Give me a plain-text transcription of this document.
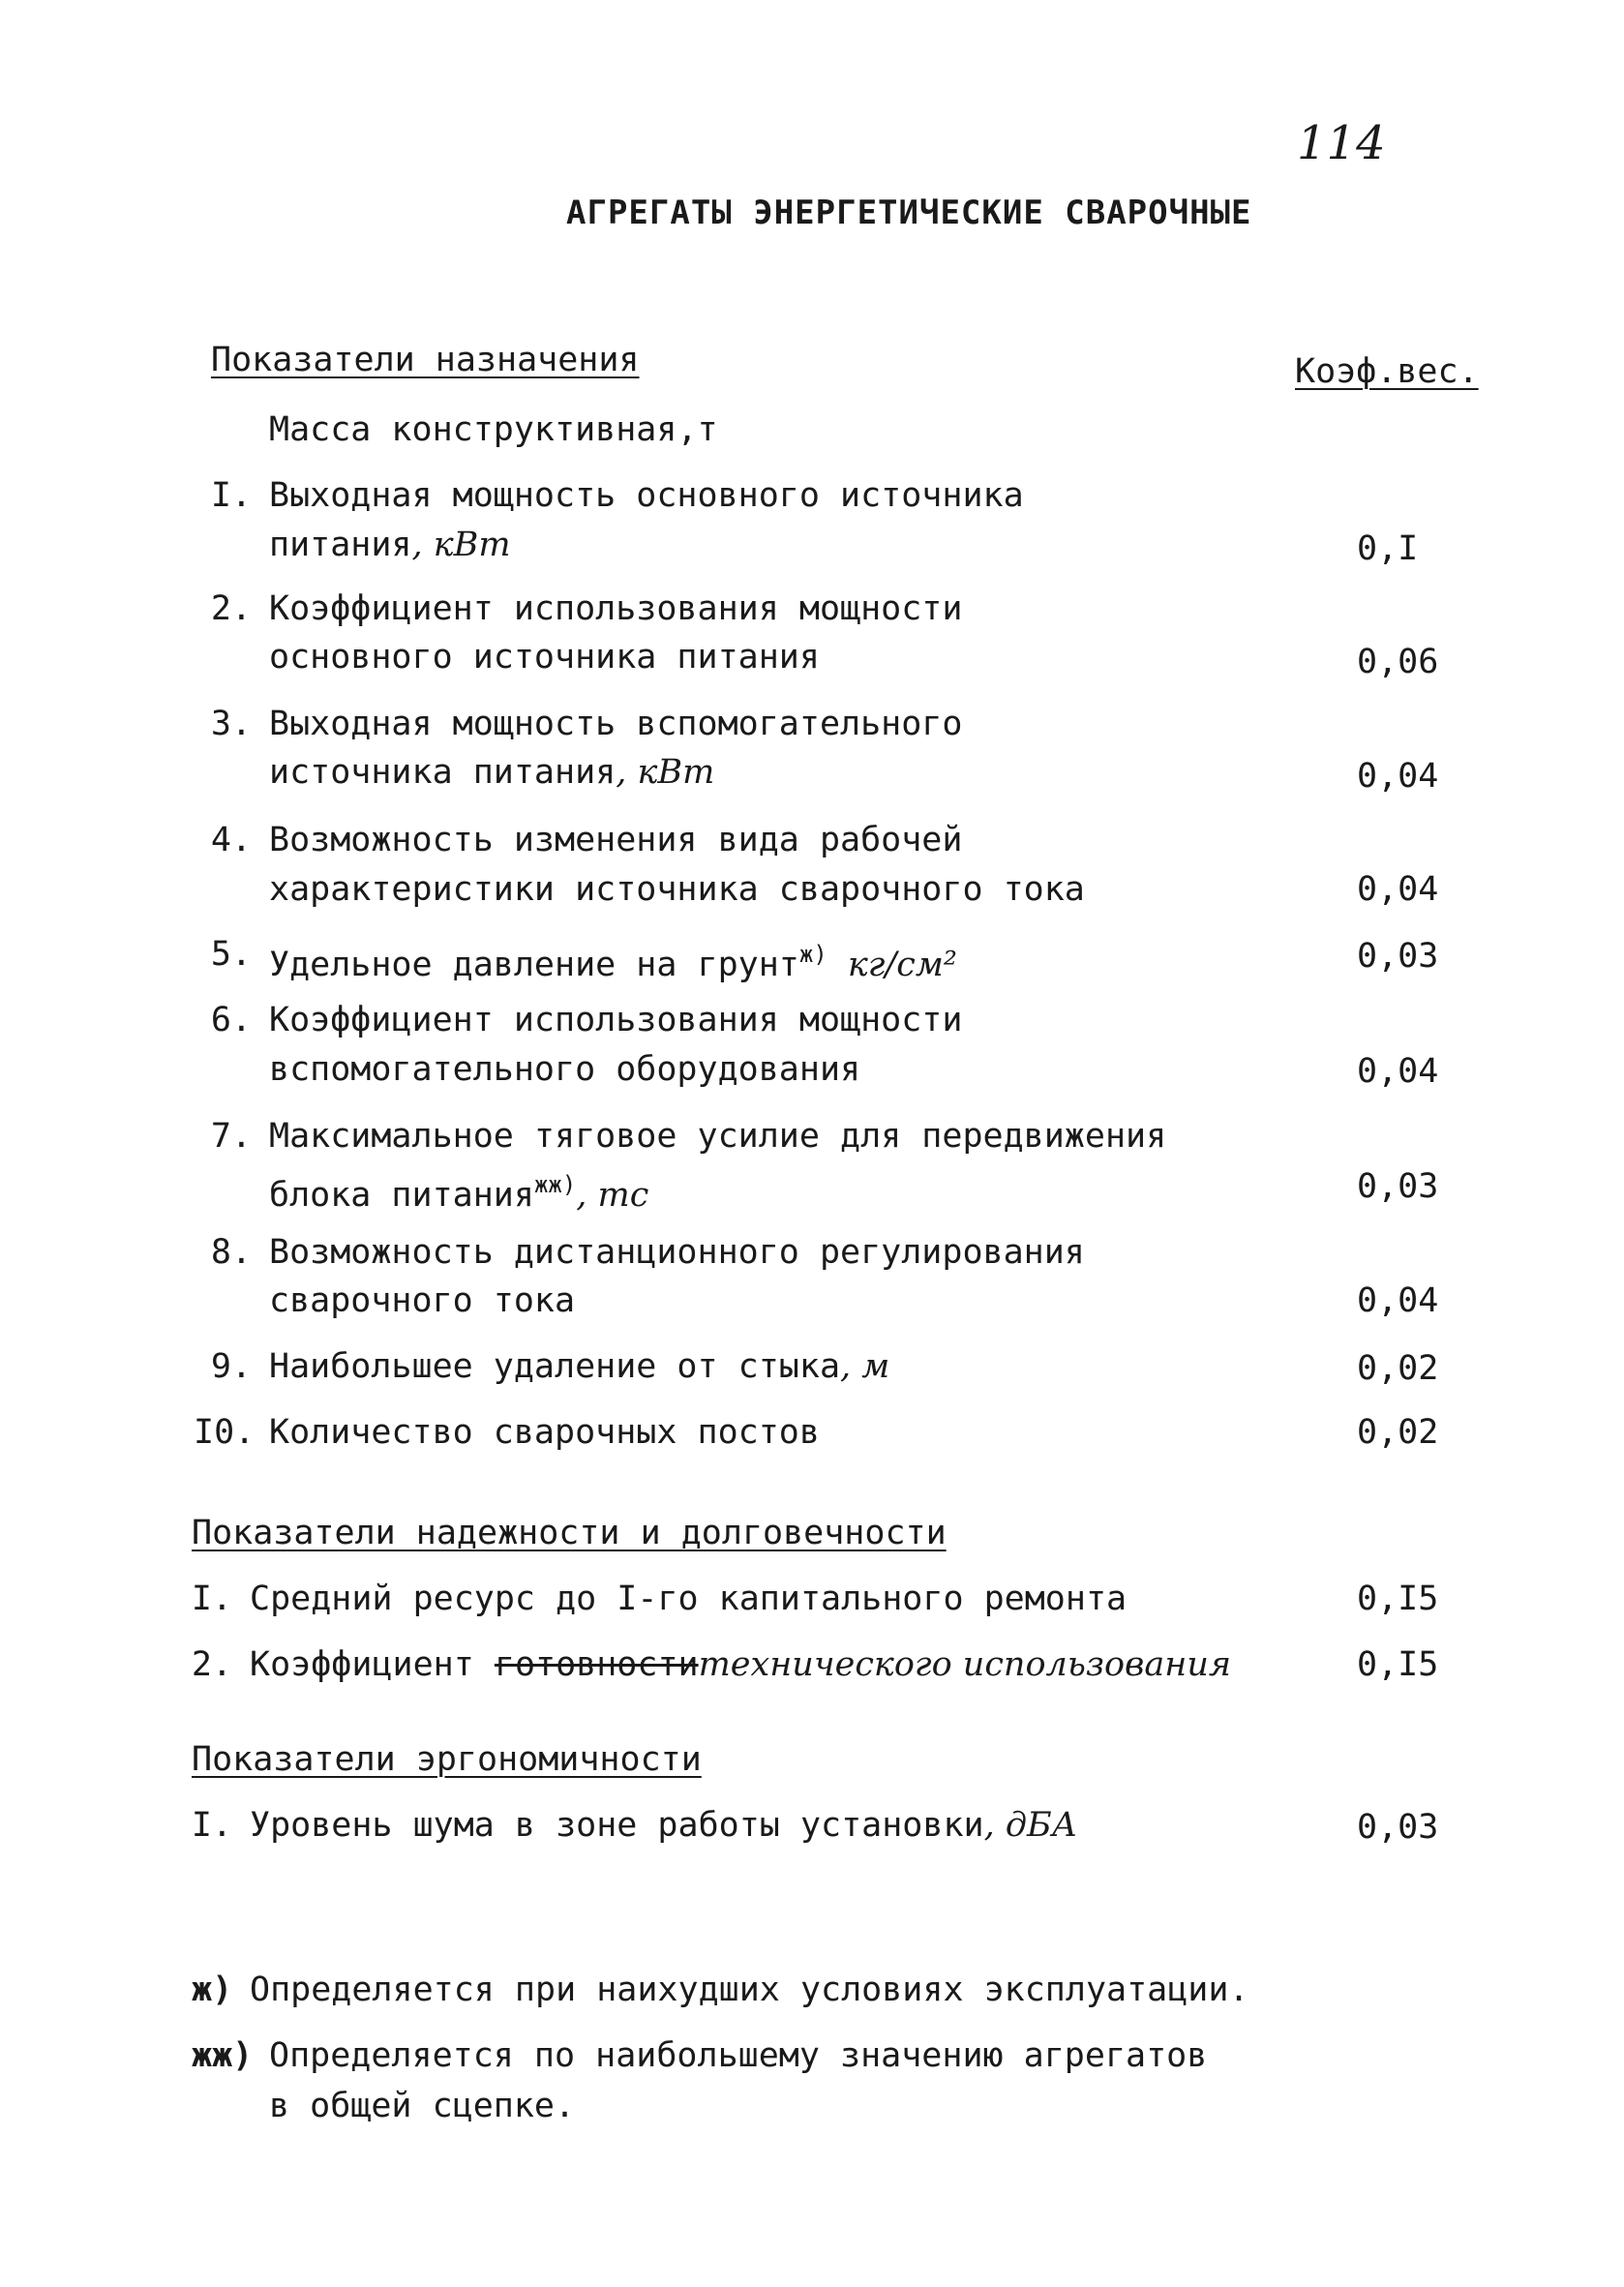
114
АГРЕГАТЫ ЭНЕРГЕТИЧЕСКИЕ СВАРОЧНЫЕ
Показатели назначения	Коэф.вес.
Масса конструктивная,т
I. Выходная мощность основного источника
питания, кВт	0,I
2. Коэффициент использования мощности
основного источника питания	0,06
3. Выходная мощность вспомогательного
источника питания, кВт	0,04
4. Возможность изменения вида рабочей
характеристики источника сварочного тока	0,04
5. Удельное давление на грунт$^{ж)}$ кг/см²	0,03
6. Коэффициент использования мощности
вспомогательного оборудования	0,04
7. Максимальное тяговое усилие для передвижения
блока питания$^{жж)}$, тс	0,03
8. Возможность дистанционного регулирования
сварочного тока	0,04
9. Наибольшее удаление от стыка, м	0,02
I0. Количество сварочных постов	0,02
Показатели надежности и долговечности
I. Средний ресурс до I-го капитального ремонта	0,I5
2. Коэффициент готовноститехнического использования	0,I5
Показатели эргономичности
I. Уровень шума в зоне работы установки, дБА	0,03
ж) Определяется при наихудших условиях эксплуатации.
жж) Определяется по наибольшему значению агрегатов
в общей сцепке.
